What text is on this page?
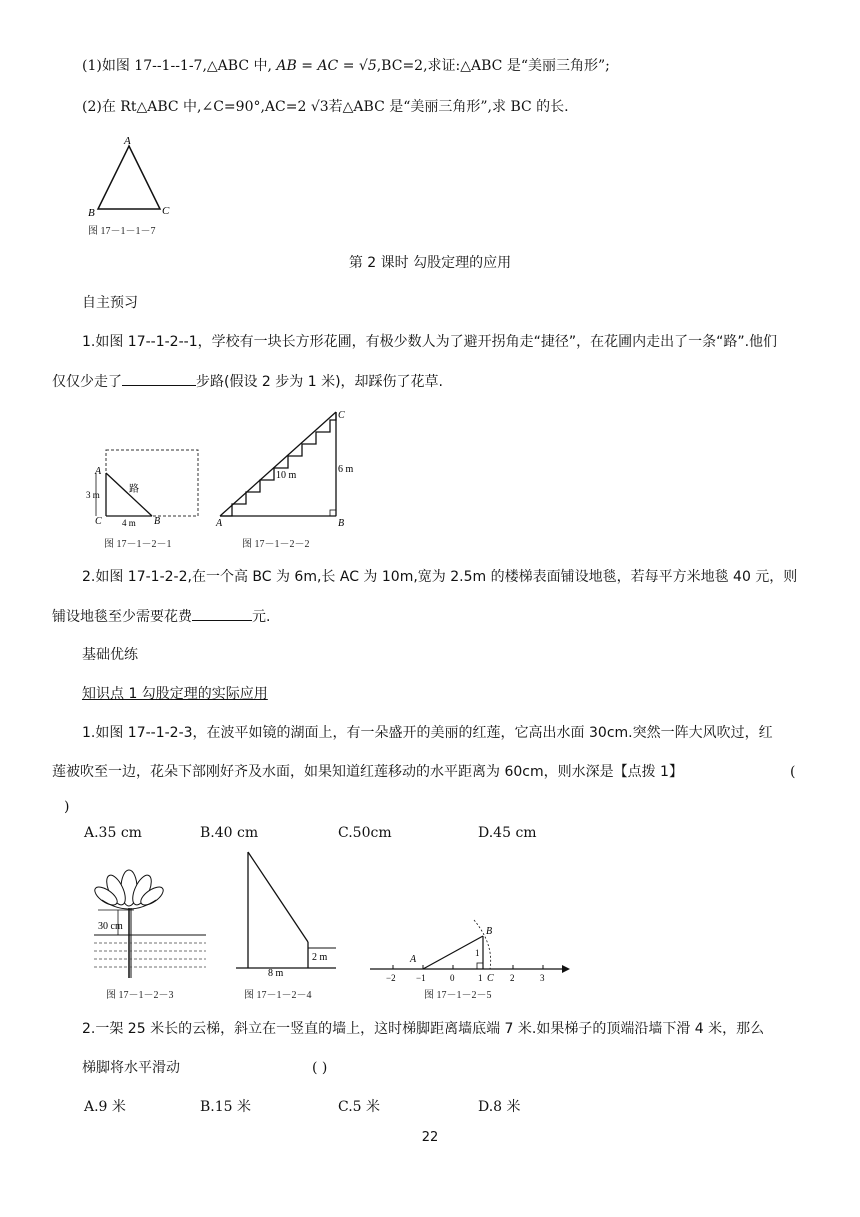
(1)如图 17--1--1-7,△ABC 中, AB = AC = √5,BC=2,求证:△ABC 是“美丽三角形”;
(2)在 Rt△ABC 中,∠C=90°,AC=2 √3若△ABC 是“美丽三角形”,求 BC 的长.
A
B	C
图 17－1－1－7
第 2 课时 勾股定理的应用
自主预习
1.如图 17--1-2--1，学校有一块长方形花圃，有极少数人为了避开拐角走“捷径”，在花圃内走出了一条“路”.他们
仅仅少走了	步路(假设 2 步为 1 米)，却踩伤了花草.
A
3 m	路
C 4 m B
图 17－1－2－1
C
10 m
6 m
A	B
图 17－1－2－2
2.如图 17-1-2-2,在一个高 BC 为 6m,长 AC 为 10m,宽为 2.5m 的楼梯表面铺设地毯，若每平方米地毯 40 元，则
铺设地毯至少需要花费	元.
基础优练
知识点 1 勾股定理的实际应用
1.如图 17--1-2-3，在波平如镜的湖面上，有一朵盛开的美丽的红莲，它高出水面 30cm.突然一阵大风吹过，红
莲被吹至一边，花朵下部刚好齐及水面，如果知道红莲移动的水平距离为 60cm，则水深是【点拨 1】	(
)
A.35 cm	B.40 cm	C.50cm	D.45 cm
30 cm
图 17－1－2－3
2 m
8 m
图 17－1－2－4
A
B
1
−2 −1	0	1 C 2	3
图 17－1－2－5
2.一架 25 米长的云梯，斜立在一竖直的墙上，这时梯脚距离墙底端 7 米.如果梯子的顶端沿墙下滑 4 米，那么
梯脚将水平滑动	( )
A.9 米	B.15 米	C.5 米	D.8 米
22
